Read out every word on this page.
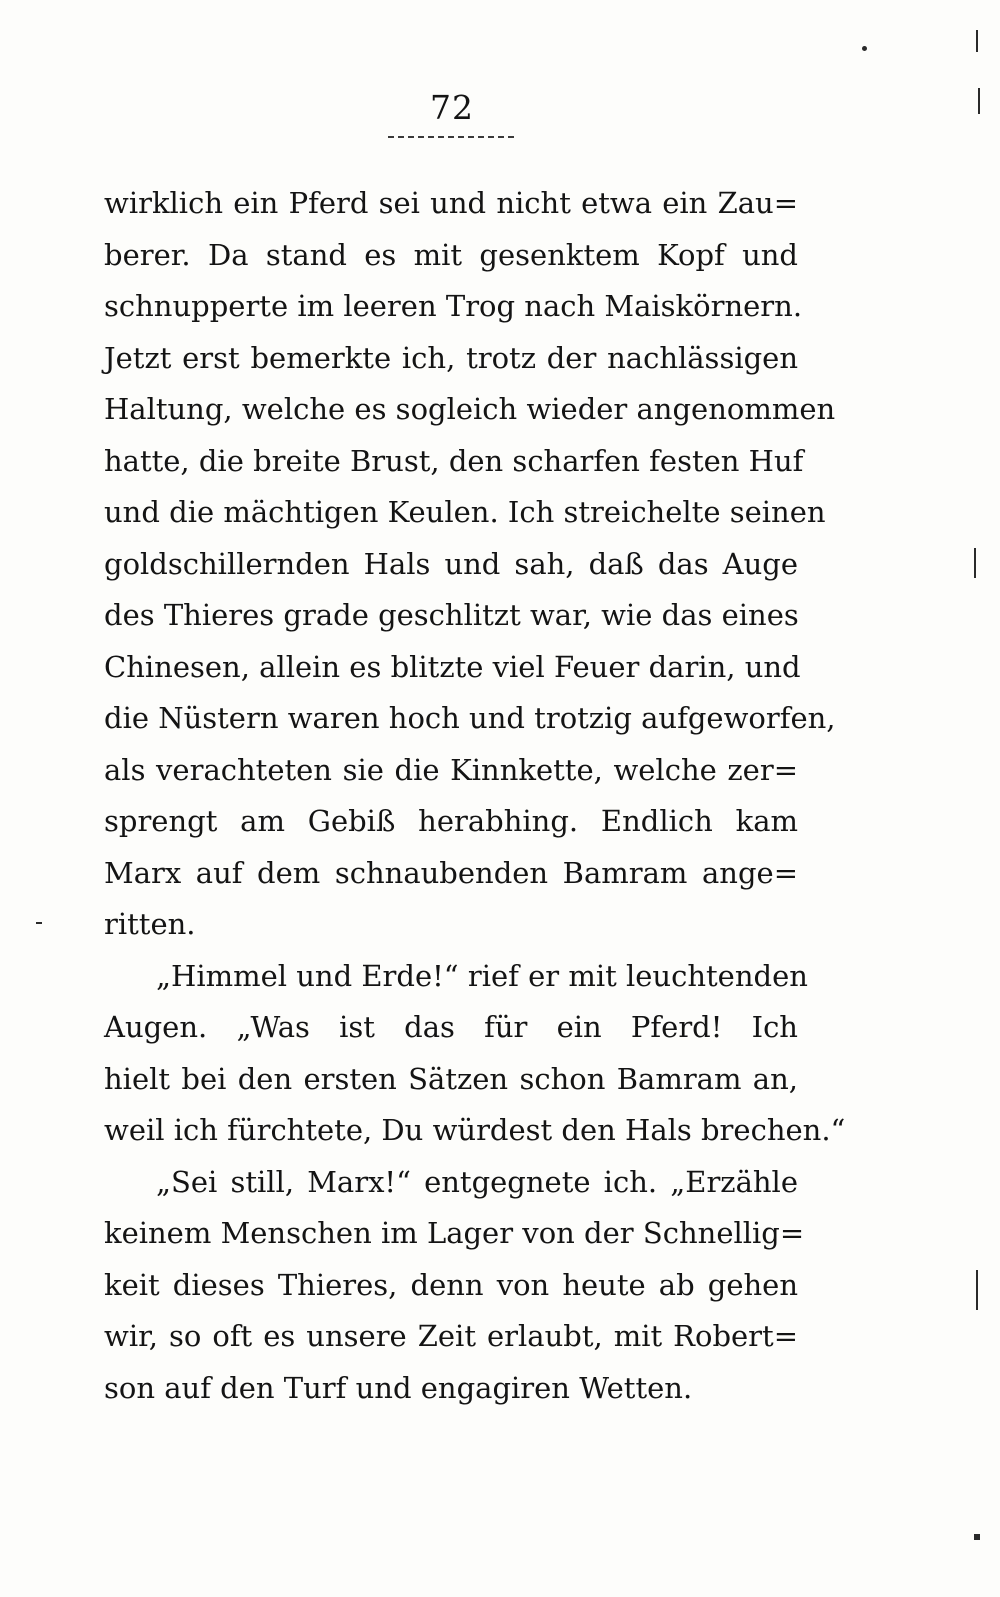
72
wirklich ein Pferd sei und nicht etwa ein Zau=
berer. Da stand es mit gesenktem Kopf und
schnupperte im leeren Trog nach Maiskörnern.
Jetzt erst bemerkte ich, trotz der nachlässigen
Haltung, welche es sogleich wieder angenommen
hatte, die breite Brust, den scharfen festen Huf
und die mächtigen Keulen. Ich streichelte seinen
goldschillernden Hals und sah, daß das Auge
des Thieres grade geschlitzt war, wie das eines
Chinesen, allein es blitzte viel Feuer darin, und
die Nüstern waren hoch und trotzig aufgeworfen,
als verachteten sie die Kinnkette, welche zer=
sprengt am Gebiß herabhing. Endlich kam
Marx auf dem schnaubenden Bamram ange=
ritten.
„Himmel und Erde!“ rief er mit leuchtenden
Augen. „Was ist das für ein Pferd! Ich
hielt bei den ersten Sätzen schon Bamram an,
weil ich fürchtete, Du würdest den Hals brechen.“
„Sei still, Marx!“ entgegnete ich. „Erzähle
keinem Menschen im Lager von der Schnellig=
keit dieses Thieres, denn von heute ab gehen
wir, so oft es unsere Zeit erlaubt, mit Robert=
son auf den Turf und engagiren Wetten.
